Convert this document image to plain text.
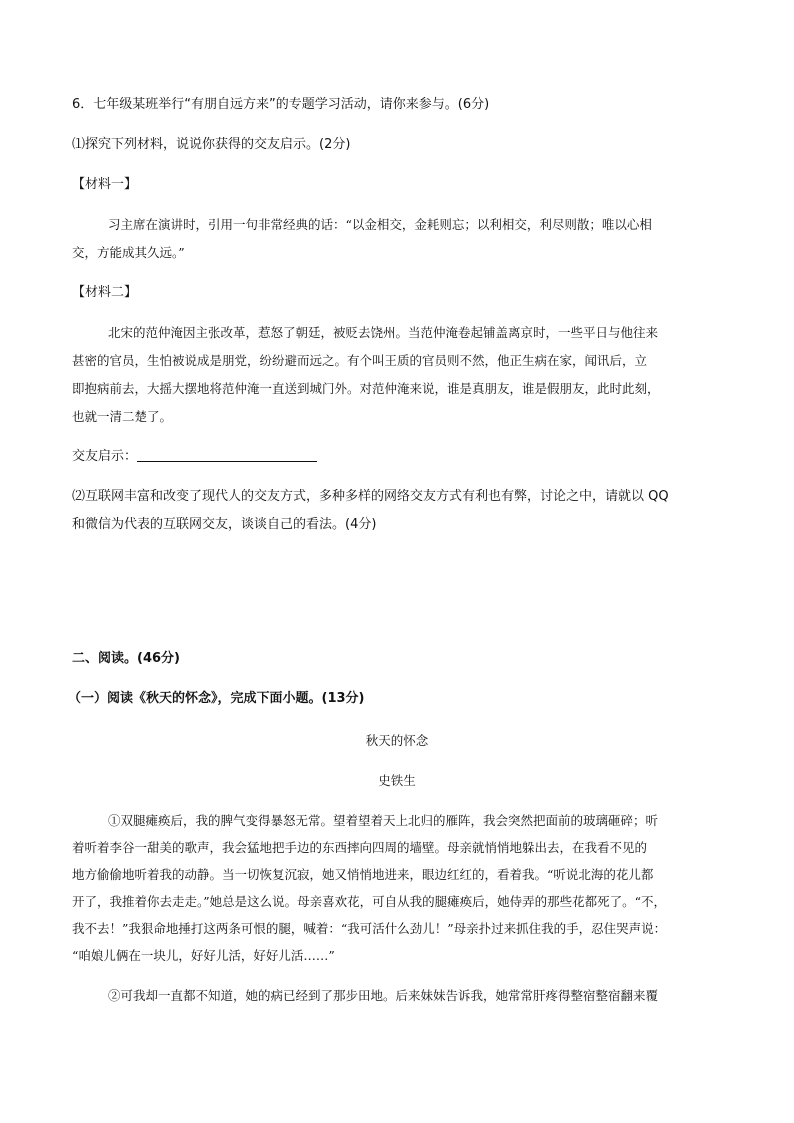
6．七年级某班举行“有朋自远方来”的专题学习活动，请你来参与。(6分)
⑴探究下列材料，说说你获得的交友启示。(2分)
【材料一】
习主席在演讲时，引用一句非常经典的话：“以金相交，金耗则忘；以利相交，利尽则散；唯以心相
交，方能成其久远。”
【材料二】
北宋的范仲淹因主张改革，惹怒了朝廷，被贬去饶州。当范仲淹卷起铺盖离京时，一些平日与他往来
甚密的官员，生怕被说成是朋党，纷纷避而远之。有个叫王质的官员则不然，他正生病在家，闻讯后，立
即抱病前去，大摇大摆地将范仲淹一直送到城门外。对范仲淹来说，谁是真朋友，谁是假朋友，此时此刻，
也就一清二楚了。
交友启示：
⑵互联网丰富和改变了现代人的交友方式，多种多样的网络交友方式有利也有弊，讨论之中，请就以 QQ
和微信为代表的互联网交友，谈谈自己的看法。(4分)
二、阅读。(46分)
（一）阅读《秋天的怀念》，完成下面小题。(13分)
秋天的怀念
史铁生
①双腿瘫痪后，我的脾气变得暴怒无常。望着望着天上北归的雁阵，我会突然把面前的玻璃砸碎；听
着听着李谷一甜美的歌声，我会猛地把手边的东西摔向四周的墙壁。母亲就悄悄地躲出去，在我看不见的
地方偷偷地听着我的动静。当一切恢复沉寂，她又悄悄地进来，眼边红红的，看着我。“听说北海的花儿都
开了，我推着你去走走。”她总是这么说。母亲喜欢花，可自从我的腿瘫痪后，她侍弄的那些花都死了。“不，
我不去！”我狠命地捶打这两条可恨的腿，喊着：“我可活什么劲儿！”母亲扑过来抓住我的手，忍住哭声说：
“咱娘儿俩在一块儿，好好儿活，好好儿活……”
②可我却一直都不知道，她的病已经到了那步田地。后来妹妹告诉我，她常常肝疼得整宿整宿翻来覆
